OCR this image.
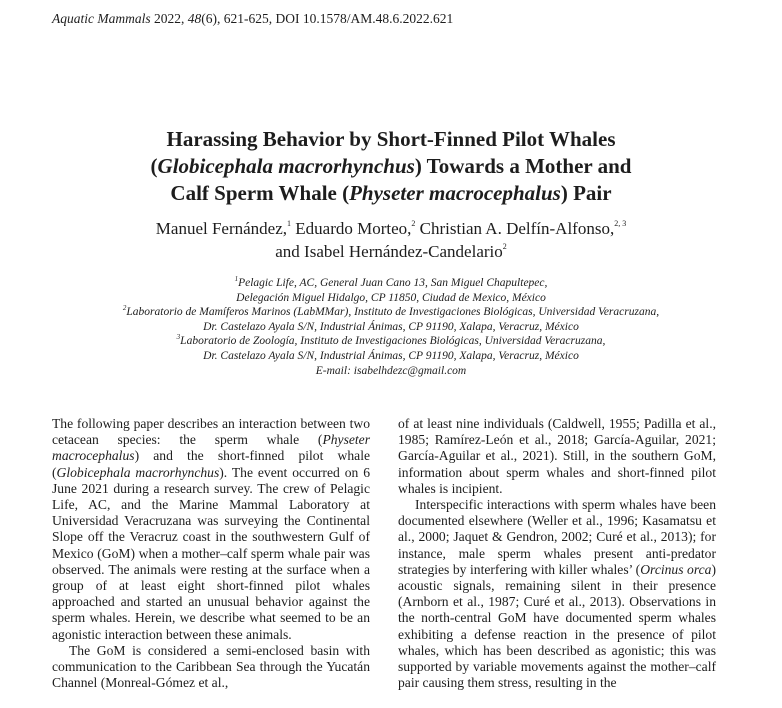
Aquatic Mammals 2022, 48(6), 621-625, DOI 10.1578/AM.48.6.2022.621
Harassing Behavior by Short-Finned Pilot Whales
(Globicephala macrorhynchus) Towards a Mother and
Calf Sperm Whale (Physeter macrocephalus) Pair
Manuel Fernández,$^1$ Eduardo Morteo,$^2$ Christian A. Delfín-Alfonso,$^{2, 3}$
and Isabel Hernández-Candelario$^2$
$^1$Pelagic Life, AC, General Juan Cano 13, San Miguel Chapultepec,
Delegación Miguel Hidalgo, CP 11850, Ciudad de Mexico, México
$^2$Laboratorio de Mamíferos Marinos (LabMMar), Instituto de Investigaciones Biológicas, Universidad Veracruzana,
Dr. Castelazo Ayala S/N, Industrial Ánimas, CP 91190, Xalapa, Veracruz, México
$^3$Laboratorio de Zoología, Instituto de Investigaciones Biológicas, Universidad Veracruzana,
Dr. Castelazo Ayala S/N, Industrial Ánimas, CP 91190, Xalapa, Veracruz, México
E-mail: isabelhdezc@gmail.com

The following paper describes an interaction between two cetacean species: the sperm whale (Physeter macrocephalus) and the short-finned pilot whale (Globicephala macrorhynchus). The event occurred on 6 June 2021 during a research survey. The crew of Pelagic Life, AC, and the Marine Mammal Laboratory at Universidad Veracruzana was surveying the Continental Slope off the Veracruz coast in the southwestern Gulf of Mexico (GoM) when a mother–calf sperm whale pair was observed. The animals were resting at the surface when a group of at least eight short-finned pilot whales approached and started an unusual behavior against the sperm whales. Herein, we describe what seemed to be an agonistic interaction between these animals.

The GoM is considered a semi-enclosed basin with communication to the Caribbean Sea through the Yucatán Channel (Monreal-Gómez et al.,

of at least nine individuals (Caldwell, 1955; Padilla et al., 1985; Ramírez-León et al., 2018; García-Aguilar, 2021; García-Aguilar et al., 2021). Still, in the southern GoM, information about sperm whales and short-finned pilot whales is incipient.

Interspecific interactions with sperm whales have been documented elsewhere (Weller et al., 1996; Kasamatsu et al., 2000; Jaquet & Gendron, 2002; Curé et al., 2013); for instance, male sperm whales present anti-predator strategies by interfering with killer whales’ (Orcinus orca) acoustic signals, remaining silent in their presence (Arnborn et al., 1987; Curé et al., 2013). Observations in the north-central GoM have documented sperm whales exhibiting a defense reaction in the presence of pilot whales, which has been described as agonistic; this was supported by variable movements against the mother–calf pair causing them stress, resulting in the
